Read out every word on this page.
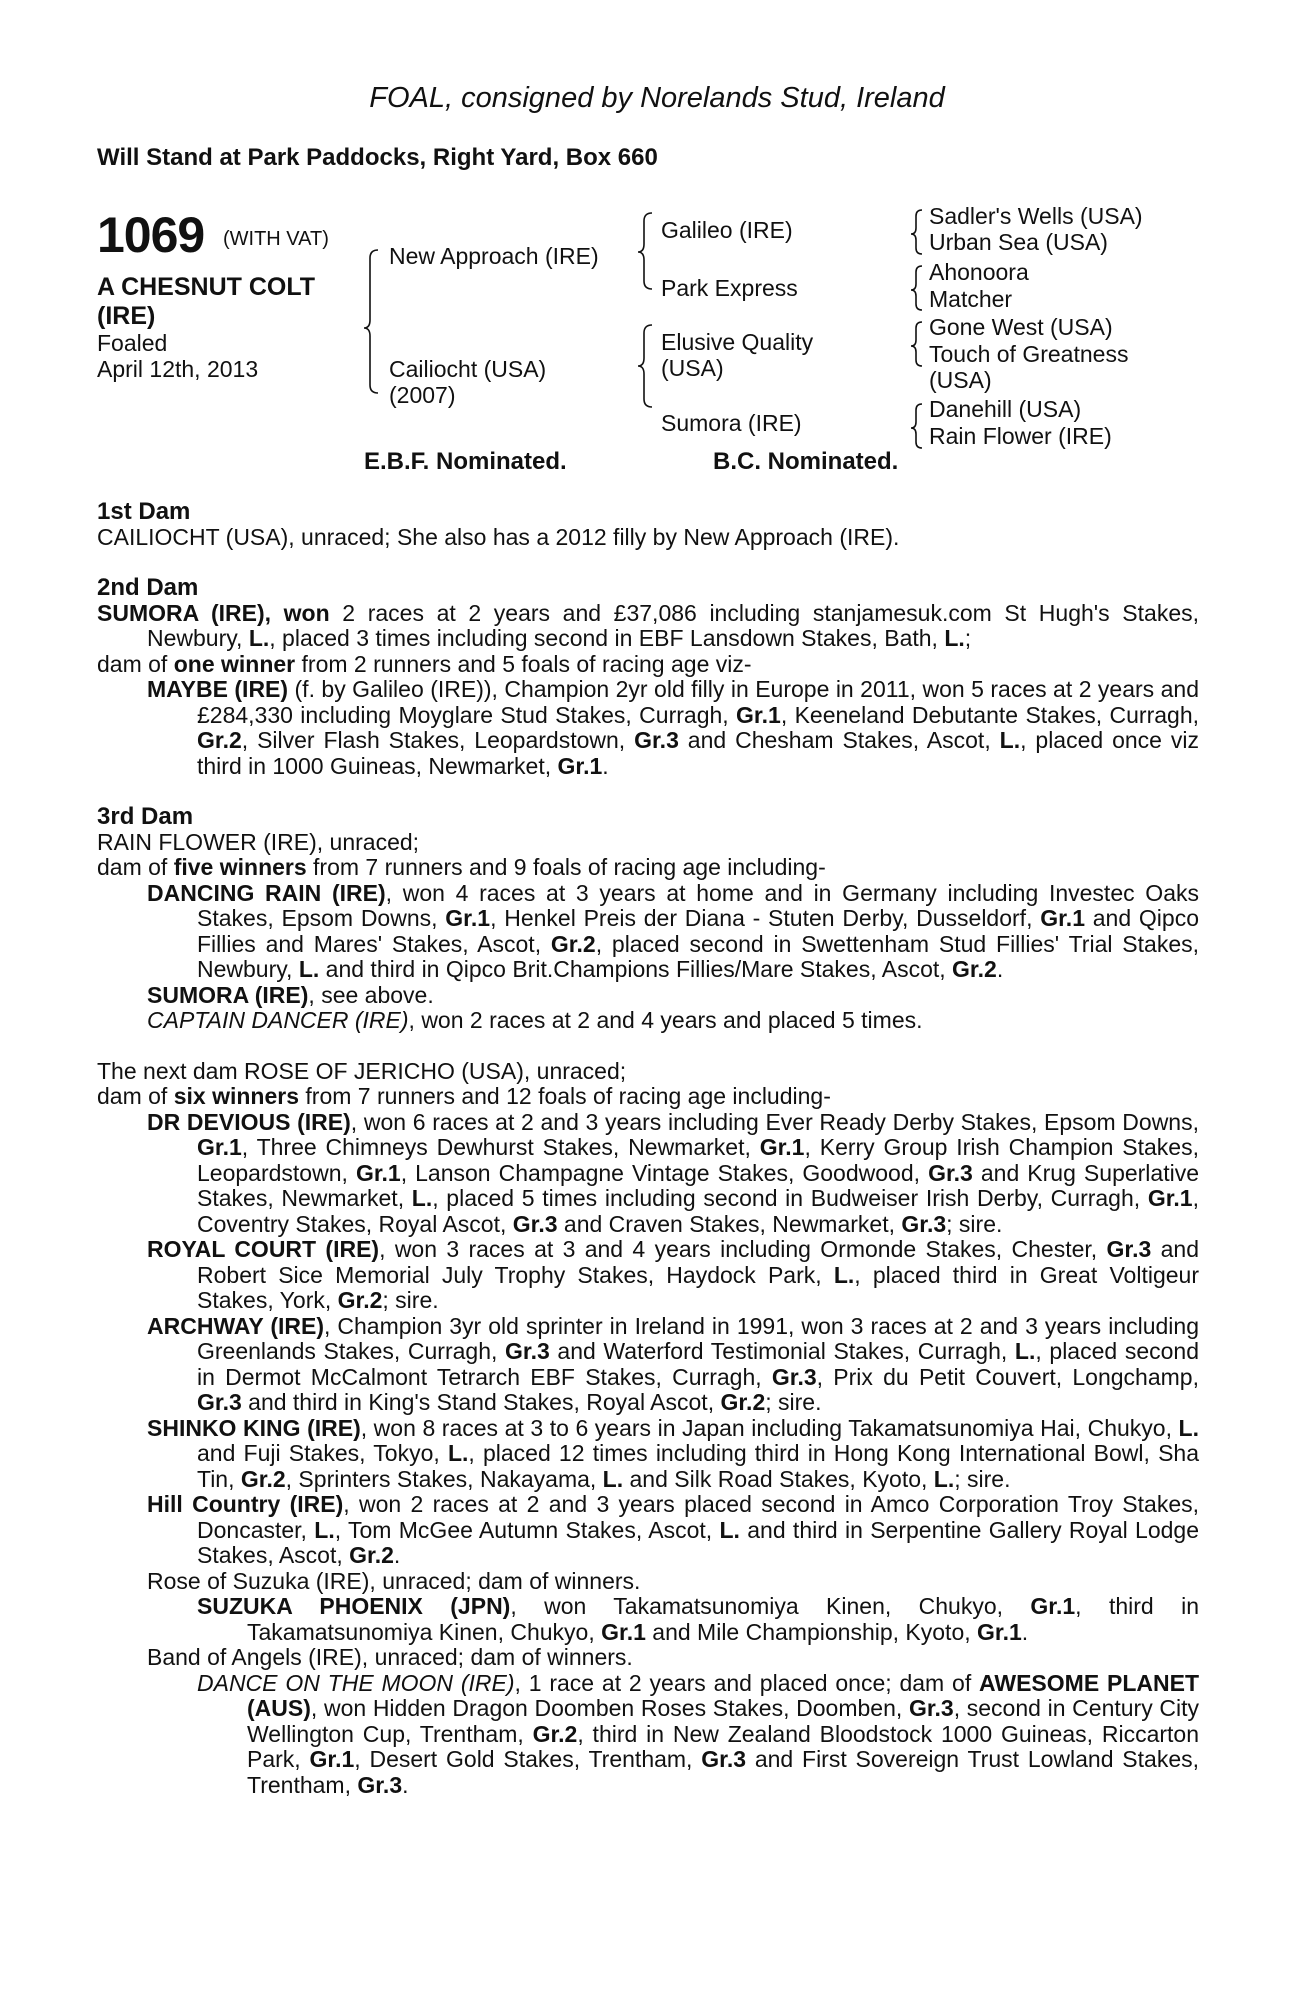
FOAL, consigned by Norelands Stud, Ireland
Will Stand at Park Paddocks, Right Yard, Box 660
1069 (WITH VAT)
A CHESNUT COLT
(IRE)
Foaled
April 12th, 2013
New Approach (IRE)
Cailiocht (USA)
(2007)
Galileo (IRE)
Park Express
Elusive Quality
(USA)
Sumora (IRE)
Sadler's Wells (USA)
Urban Sea (USA)
Ahonoora
Matcher
Gone West (USA)
Touch of Greatness
(USA)
Danehill (USA)
Rain Flower (IRE)
E.B.F. Nominated.	B.C. Nominated.

1st Dam

CAILIOCHT (USA), unraced; She also has a 2012 filly by New Approach (IRE).

2nd Dam

SUMORA (IRE), won 2 races at 2 years and £37,086 including stanjamesuk.com St Hugh's Stakes, Newbury, L., placed 3 times including second in EBF Lansdown Stakes, Bath, L.;

dam of one winner from 2 runners and 5 foals of racing age viz-

MAYBE (IRE) (f. by Galileo (IRE)), Champion 2yr old filly in Europe in 2011, won 5 races at 2 years and £284,330 including Moyglare Stud Stakes, Curragh, Gr.1, Keeneland Debutante Stakes, Curragh, Gr.2, Silver Flash Stakes, Leopardstown, Gr.3 and Chesham Stakes, Ascot, L., placed once viz third in 1000 Guineas, Newmarket, Gr.1.

3rd Dam

RAIN FLOWER (IRE), unraced;

dam of five winners from 7 runners and 9 foals of racing age including-

DANCING RAIN (IRE), won 4 races at 3 years at home and in Germany including Investec Oaks Stakes, Epsom Downs, Gr.1, Henkel Preis der Diana - Stuten Derby, Dusseldorf, Gr.1 and Qipco Fillies and Mares' Stakes, Ascot, Gr.2, placed second in Swettenham Stud Fillies' Trial Stakes, Newbury, L. and third in Qipco Brit.Champions Fillies/Mare Stakes, Ascot, Gr.2.

SUMORA (IRE), see above.

CAPTAIN DANCER (IRE), won 2 races at 2 and 4 years and placed 5 times.

The next dam ROSE OF JERICHO (USA), unraced;

dam of six winners from 7 runners and 12 foals of racing age including-

DR DEVIOUS (IRE), won 6 races at 2 and 3 years including Ever Ready Derby Stakes, Epsom Downs, Gr.1, Three Chimneys Dewhurst Stakes, Newmarket, Gr.1, Kerry Group Irish Champion Stakes, Leopardstown, Gr.1, Lanson Champagne Vintage Stakes, Goodwood, Gr.3 and Krug Superlative Stakes, Newmarket, L., placed 5 times including second in Budweiser Irish Derby, Curragh, Gr.1, Coventry Stakes, Royal Ascot, Gr.3 and Craven Stakes, Newmarket, Gr.3; sire.

ROYAL COURT (IRE), won 3 races at 3 and 4 years including Ormonde Stakes, Chester, Gr.3 and Robert Sice Memorial July Trophy Stakes, Haydock Park, L., placed third in Great Voltigeur Stakes, York, Gr.2; sire.

ARCHWAY (IRE), Champion 3yr old sprinter in Ireland in 1991, won 3 races at 2 and 3 years including Greenlands Stakes, Curragh, Gr.3 and Waterford Testimonial Stakes, Curragh, L., placed second in Dermot McCalmont Tetrarch EBF Stakes, Curragh, Gr.3, Prix du Petit Couvert, Longchamp, Gr.3 and third in King's Stand Stakes, Royal Ascot, Gr.2; sire.

SHINKO KING (IRE), won 8 races at 3 to 6 years in Japan including Takamatsunomiya Hai, Chukyo, L. and Fuji Stakes, Tokyo, L., placed 12 times including third in Hong Kong International Bowl, Sha Tin, Gr.2, Sprinters Stakes, Nakayama, L. and Silk Road Stakes, Kyoto, L.; sire.

Hill Country (IRE), won 2 races at 2 and 3 years placed second in Amco Corporation Troy Stakes, Doncaster, L., Tom McGee Autumn Stakes, Ascot, L. and third in Serpentine Gallery Royal Lodge Stakes, Ascot, Gr.2.

Rose of Suzuka (IRE), unraced; dam of winners.

SUZUKA PHOENIX (JPN), won Takamatsunomiya Kinen, Chukyo, Gr.1, third in Takamatsunomiya Kinen, Chukyo, Gr.1 and Mile Championship, Kyoto, Gr.1.

Band of Angels (IRE), unraced; dam of winners.

DANCE ON THE MOON (IRE), 1 race at 2 years and placed once; dam of AWESOME PLANET (AUS), won Hidden Dragon Doomben Roses Stakes, Doomben, Gr.3, second in Century City Wellington Cup, Trentham, Gr.2, third in New Zealand Bloodstock 1000 Guineas, Riccarton Park, Gr.1, Desert Gold Stakes, Trentham, Gr.3 and First Sovereign Trust Lowland Stakes, Trentham, Gr.3.
